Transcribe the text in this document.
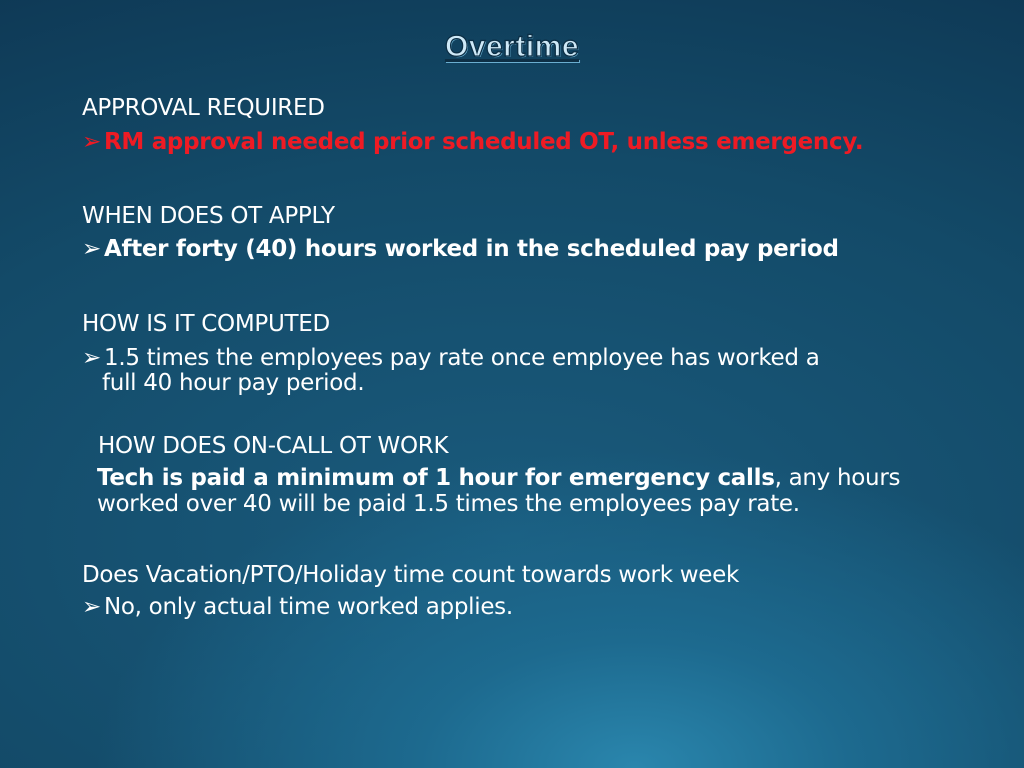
Overtime
APPROVAL REQUIRED
➢ RM approval needed prior scheduled OT, unless emergency.
WHEN DOES OT APPLY
➢ After forty (40) hours worked in the scheduled pay period
HOW IS IT COMPUTED
➢ 1.5 times the employees pay rate once employee has worked a
full 40 hour pay period.
HOW DOES ON-CALL OT WORK
Tech is paid a minimum of 1 hour for emergency calls, any hours
worked over 40 will be paid 1.5 times the employees pay rate.
Does Vacation/PTO/Holiday time count towards work week
➢ No, only actual time worked applies.
